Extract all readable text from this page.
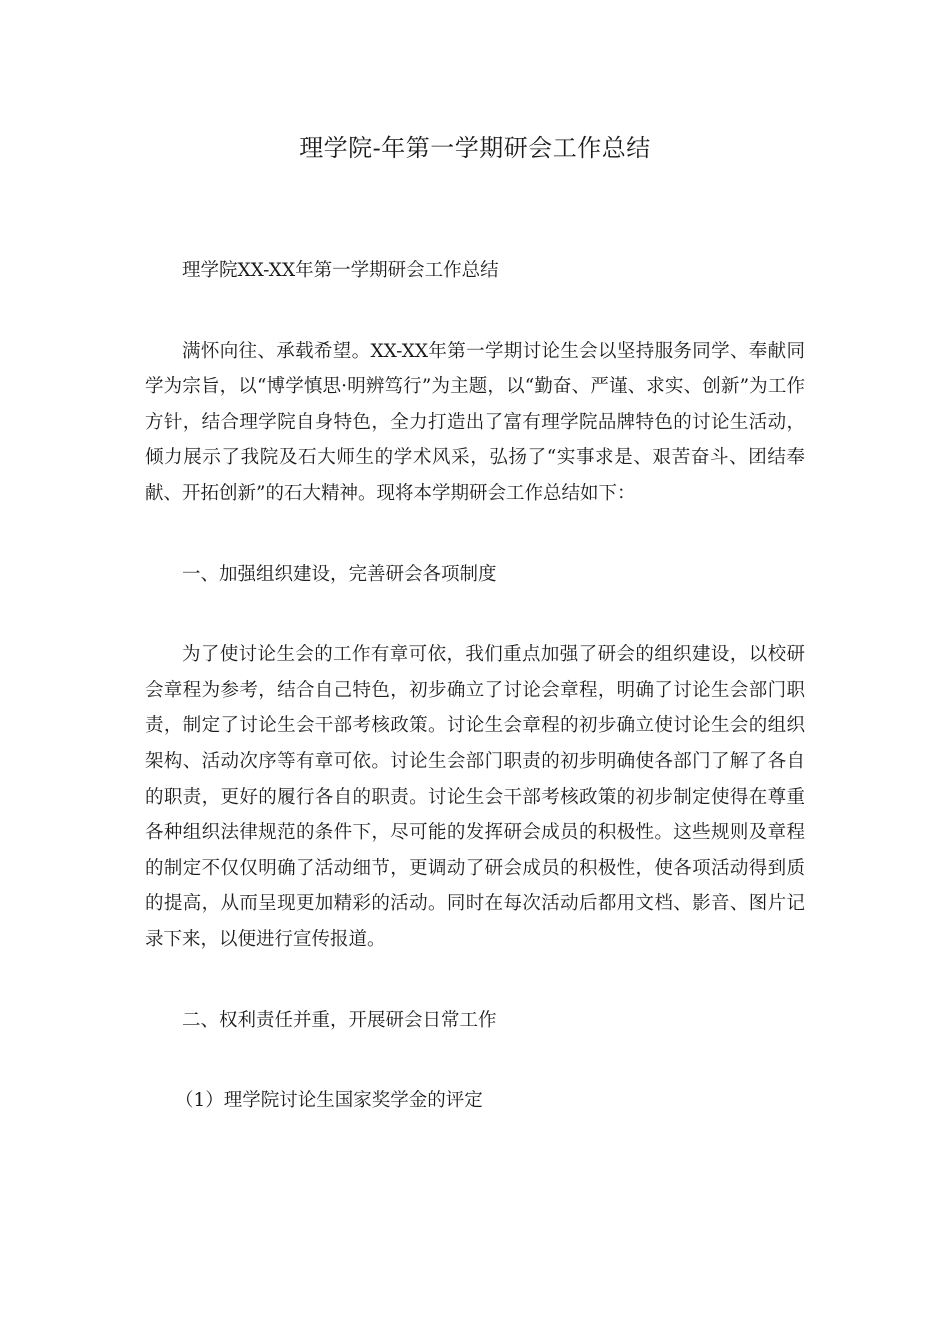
理学院-年第一学期研会工作总结

理学院XX-XX年第一学期研会工作总结

满怀向往、承载希望。XX-XX年第一学期讨论生会以坚持服务同学、奉献同学为宗旨，以“博学慎思·明辨笃行”为主题，以“勤奋、严谨、求实、创新”为工作方针，结合理学院自身特色，全力打造出了富有理学院品牌特色的讨论生活动，倾力展示了我院及石大师生的学术风采，弘扬了“实事求是、艰苦奋斗、团结奉献、开拓创新”的石大精神。现将本学期研会工作总结如下：

一、加强组织建设，完善研会各项制度

为了使讨论生会的工作有章可依，我们重点加强了研会的组织建设，以校研会章程为参考，结合自己特色，初步确立了讨论会章程，明确了讨论生会部门职责，制定了讨论生会干部考核政策。讨论生会章程的初步确立使讨论生会的组织架构、活动次序等有章可依。讨论生会部门职责的初步明确使各部门了解了各自的职责，更好的履行各自的职责。讨论生会干部考核政策的初步制定使得在尊重各种组织法律规范的条件下，尽可能的发挥研会成员的积极性。这些规则及章程的制定不仅仅明确了活动细节，更调动了研会成员的积极性，使各项活动得到质的提高，从而呈现更加精彩的活动。同时在每次活动后都用文档、影音、图片记录下来，以便进行宣传报道。

二、权利责任并重，开展研会日常工作

（1）理学院讨论生国家奖学金的评定
